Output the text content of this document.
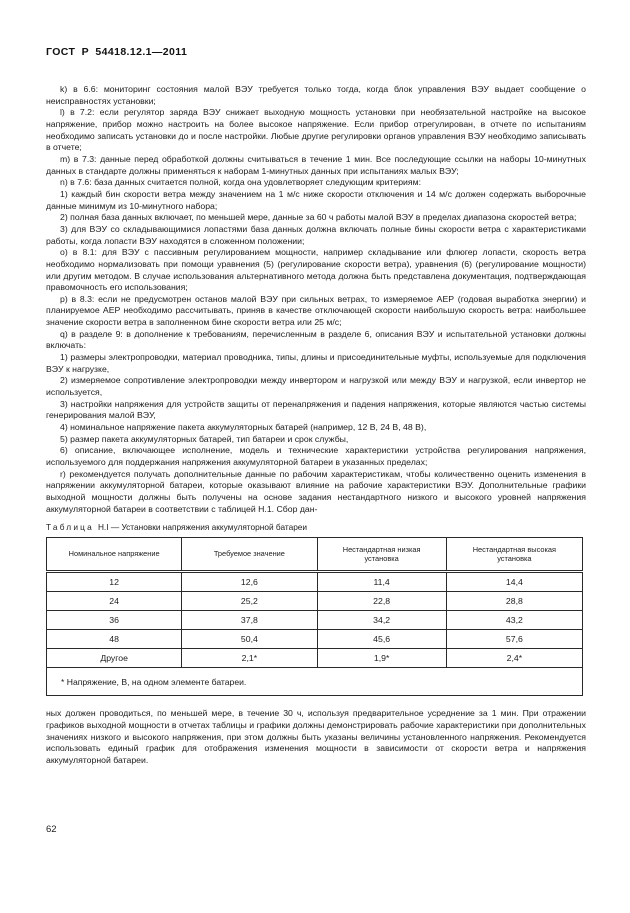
ГОСТ Р 54418.12.1—2011

k) в 6.6: мониторинг состояния малой ВЭУ требуется только тогда, когда блок управления ВЭУ выдает сообщение о неисправностях установки;

l) в 7.2: если регулятор заряда ВЭУ снижает выходную мощность установки при необязательной настройке на высокое напряжение, прибор можно настроить на более высокое напряжение. Если прибор отрегулирован, в отчете по испытаниям необходимо записать установки до и после настройки. Любые другие регулировки органов управления ВЭУ необходимо записывать в отчете;

m) в 7.3: данные перед обработкой должны считываться в течение 1 мин. Все последующие ссылки на наборы 10-минутных данных в стандарте должны применяться к наборам 1-минутных данных при испытаниях малых ВЭУ;

n) в 7.6: база данных считается полной, когда она удовлетворяет следующим критериям:

1) каждый бин скорости ветра между значением на 1 м/с ниже скорости отключения и 14 м/с должен содержать выборочные данные минимум из 10-минутного набора;

2) полная база данных включает, по меньшей мере, данные за 60 ч работы малой ВЭУ в пределах диапазона скоростей ветра;

3) для ВЭУ со складывающимися лопастями база данных должна включать полные бины скорости ветра с характеристиками работы, когда лопасти ВЭУ находятся в сложенном положении;

о) в 8.1: для ВЭУ с пассивным регулированием мощности, например складывание или флюгер лопасти, скорость ветра необходимо нормализовать при помощи уравнения (5) (регулирование скорости ветра), уравнения (6) (регулирование мощности) или другим методом. В случае использования альтернативного метода должна быть представлена документация, подтверждающая правомочность его использования;

p) в 8.3: если не предусмотрен останов малой ВЭУ при сильных ветрах, то измеряемое АЕР (годовая выработка энергии) и планируемое АЕР необходимо рассчитывать, приняв в качестве отключающей скорости наибольшую скорость ветра: наибольшее значение скорости ветра в заполненном бине скорости ветра или 25 м/с;

q) в разделе 9: в дополнение к требованиям, перечисленным в разделе 6, описания ВЭУ и испытательной установки должны включать:

1) размеры электропроводки, материал проводника, типы, длины и присоединительные муфты, используемые для подключения ВЭУ к нагрузке,

2) измеряемое сопротивление электропроводки между инвертором и нагрузкой или между ВЭУ и нагрузкой, если инвертор не используется,

3) настройки напряжения для устройств защиты от перенапряжения и падения напряжения, которые являются частью системы генерирования малой ВЭУ,

4) номинальное напряжение пакета аккумуляторных батарей (например, 12 В, 24 В, 48 В),

5) размер пакета аккумуляторных батарей, тип батареи и срок службы,

6) описание, включающее исполнение, модель и технические характеристики устройства регулирования напряжения, используемого для поддержания напряжения аккумуляторной батареи в указанных пределах;

r) рекомендуется получать дополнительные данные по рабочим характеристикам, чтобы количественно оценить изменения в напряжении аккумуляторной батареи, которые оказывают влияние на рабочие характеристики ВЭУ. Дополнительные графики выходной мощности должны быть получены на основе задания нестандартного низкого и высокого уровней напряжения аккумуляторной батареи в соответствии с таблицей Н.1. Сбор дан-

Таблица Н.I — Установки напряжения аккумуляторной батареи

Номинальное напряжение	Требуемое значение	Нестандартная низкая установка	Нестандартная высокая установка
12	12,6	11,4	14,4
24	25,2	22,8	28,8
36	37,8	34,2	43,2
48	50,4	45,6	57,6
Другое	2,1*	1,9*	2,4*
* Напряжение, В, на одном элементе батареи.			

ных должен проводиться, по меньшей мере, в течение 30 ч, используя предварительное усреднение за 1 мин. При отражении графиков выходной мощности в отчетах таблицы и графики должны демонстрировать рабочие характеристики при дополнительных значениях низкого и высокого напряжения, при этом должны быть указаны величины установленного напряжения. Рекомендуется использовать единый график для отображения изменения мощности в зависимости от скорости ветра и напряжения аккумуляторной батареи.

62
